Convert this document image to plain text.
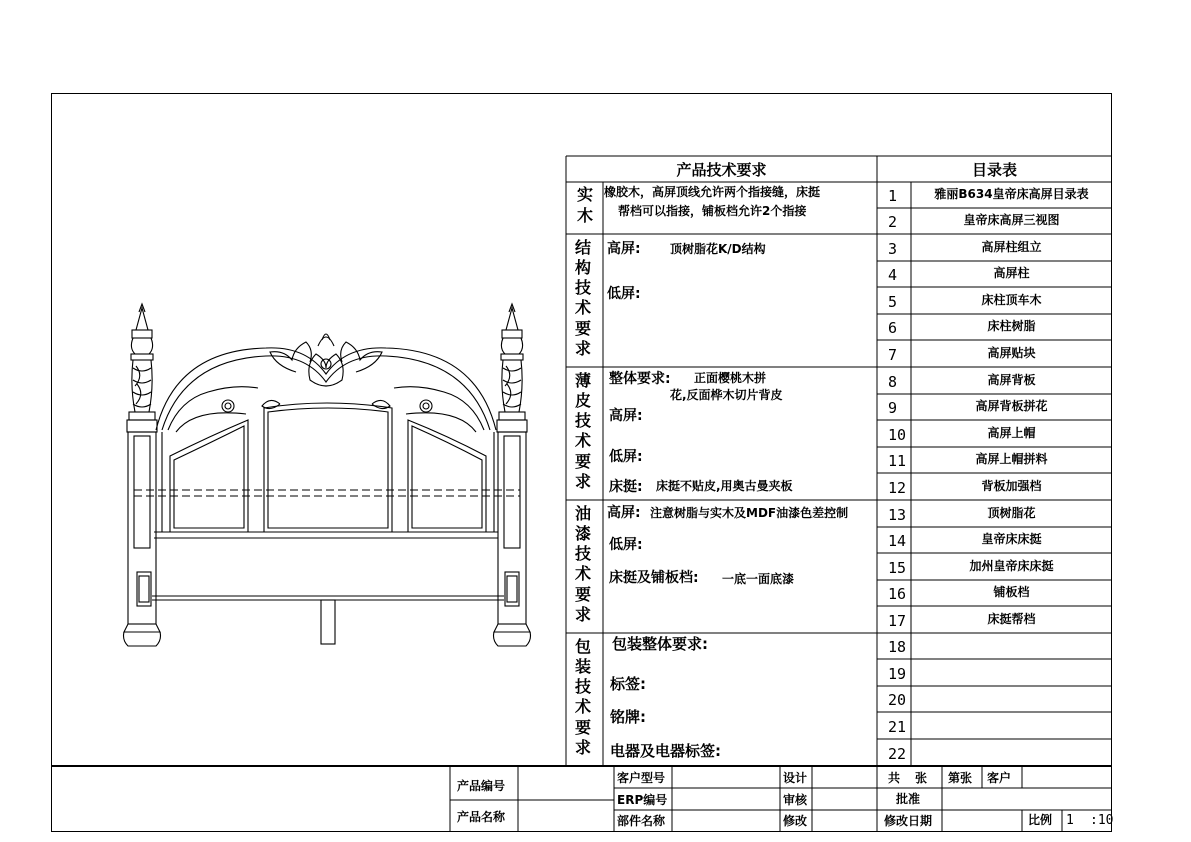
产品技术要求
实
木
橡胶木，高屏顶线允许两个指接缝，床挺
帮档可以指接，铺板档允许2个指接
结
构
技
术
要
求
高屏: 顶树脂花K/D结构
低屏:
薄
皮
技
术
要
求
整体要求: 正面樱桃木拼
花,反面桦木切片背皮
高屏:
低屏:
床挺: 床挺不贴皮,用奥古曼夹板
油
漆
技
术
要
求
高屏: 注意树脂与实木及MDF油漆色差控制
低屏:
床挺及铺板档: 一底一面底漆
包
装
技
术
要
求
包装整体要求:
标签:
铭牌:
电器及电器标签:
目录表
1	雅丽B634皇帝床高屏目录表
2	皇帝床高屏三视图
3	高屏柱组立
4	高屏柱
5	床柱顶车木
6	床柱树脂
7	高屏贴块
8	高屏背板
9	高屏背板拼花
10	高屏上帽
11	高屏上帽拼料
12	背板加强档
13	顶树脂花
14	皇帝床床挺
15	加州皇帝床床挺
16	铺板档
17	床挺帮档
18
19
20
21
22
产品编号
产品名称
客户型号
ERP编号
部件名称
设计
审核
修改
共 张 第张 客户
批准
修改日期	比例 1 :10
